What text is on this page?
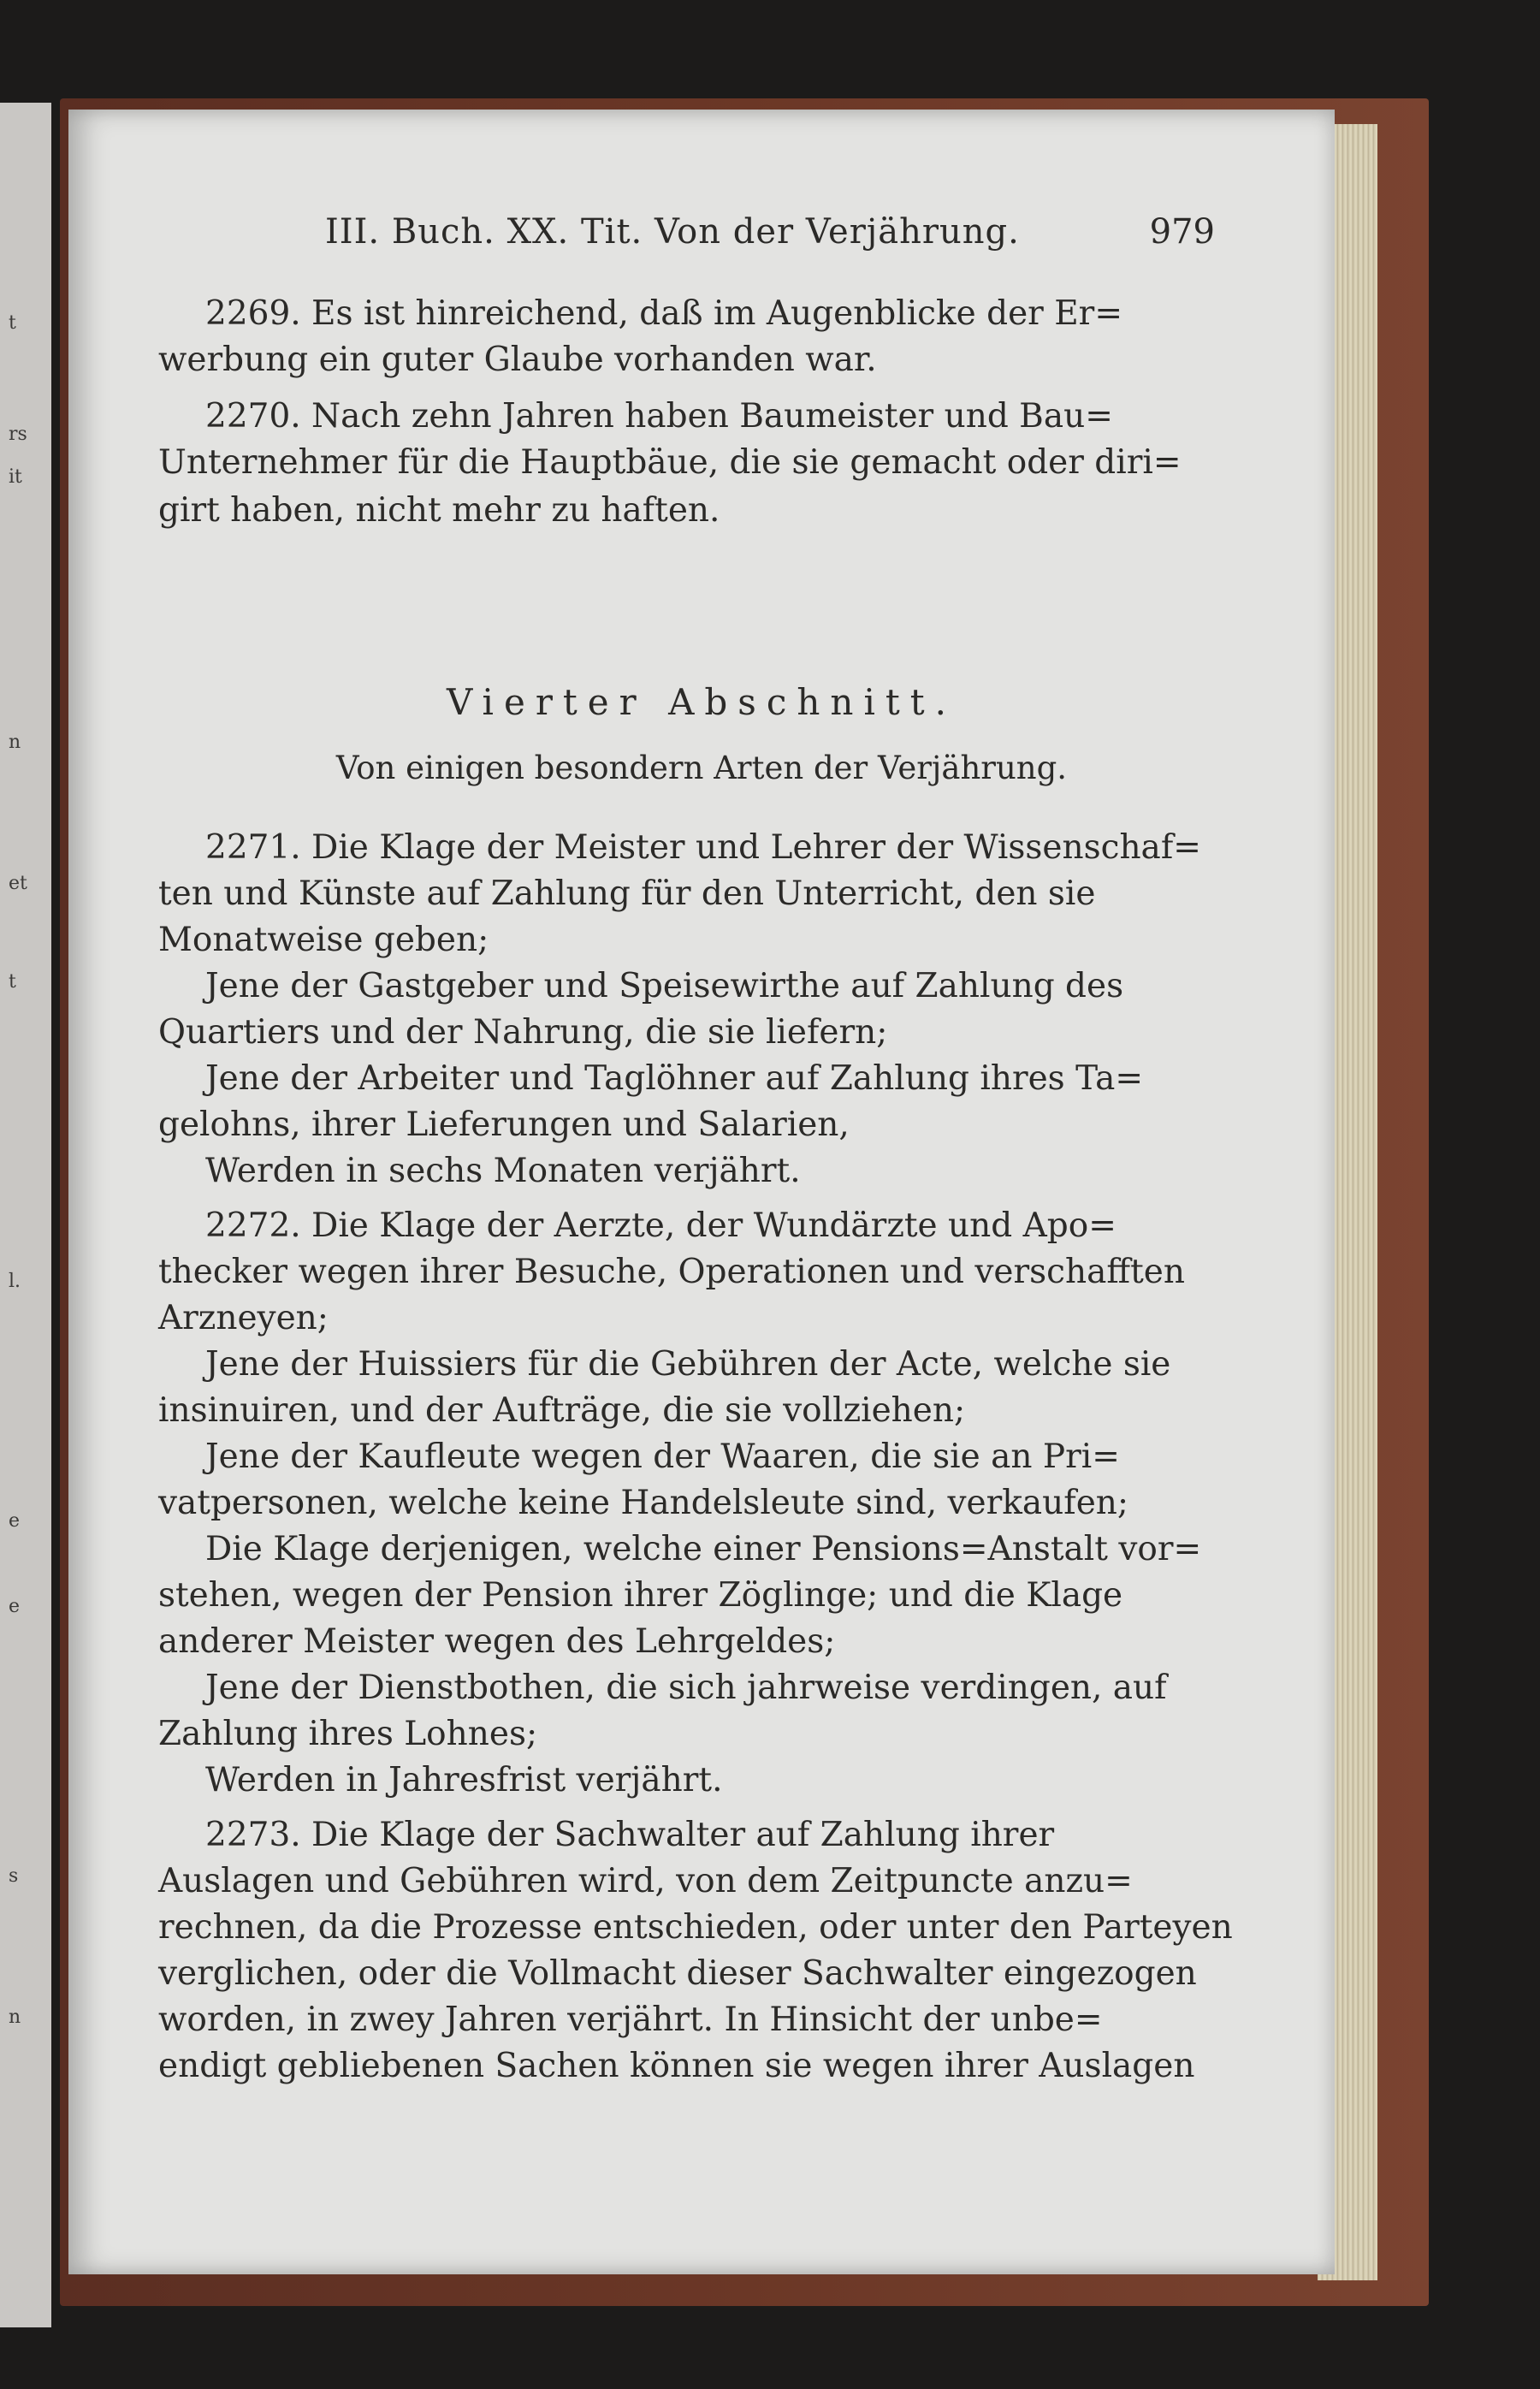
t
rs
it
n
et
t
l.
e
e
s
n
III. Buch. XX. Tit. Von der Verjährung.	979
2269. Es ist hinreichend, daß im Augenblicke der Er=
werbung ein guter Glaube vorhanden war.
2270. Nach zehn Jahren haben Baumeister und Bau=
Unternehmer für die Hauptbäue, die sie gemacht oder diri=
girt haben, nicht mehr zu haften.
Vierter Abschnitt.
Von einigen besondern Arten der Verjährung.
2271. Die Klage der Meister und Lehrer der Wissenschaf=
ten und Künste auf Zahlung für den Unterricht, den sie
Monatweise geben;
Jene der Gastgeber und Speisewirthe auf Zahlung des
Quartiers und der Nahrung, die sie liefern;
Jene der Arbeiter und Taglöhner auf Zahlung ihres Ta=
gelohns, ihrer Lieferungen und Salarien,
Werden in sechs Monaten verjährt.
2272. Die Klage der Aerzte, der Wundärzte und Apo=
thecker wegen ihrer Besuche, Operationen und verschafften
Arzneyen;
Jene der Huissiers für die Gebühren der Acte, welche sie
insinuiren, und der Aufträge, die sie vollziehen;
Jene der Kaufleute wegen der Waaren, die sie an Pri=
vatpersonen, welche keine Handelsleute sind, verkaufen;
Die Klage derjenigen, welche einer Pensions=Anstalt vor=
stehen, wegen der Pension ihrer Zöglinge; und die Klage
anderer Meister wegen des Lehrgeldes;
Jene der Dienstbothen, die sich jahrweise verdingen, auf
Zahlung ihres Lohnes;
Werden in Jahresfrist verjährt.
2273. Die Klage der Sachwalter auf Zahlung ihrer
Auslagen und Gebühren wird, von dem Zeitpuncte anzu=
rechnen, da die Prozesse entschieden, oder unter den Parteyen
verglichen, oder die Vollmacht dieser Sachwalter eingezogen
worden, in zwey Jahren verjährt. In Hinsicht der unbe=
endigt gebliebenen Sachen können sie wegen ihrer Auslagen
